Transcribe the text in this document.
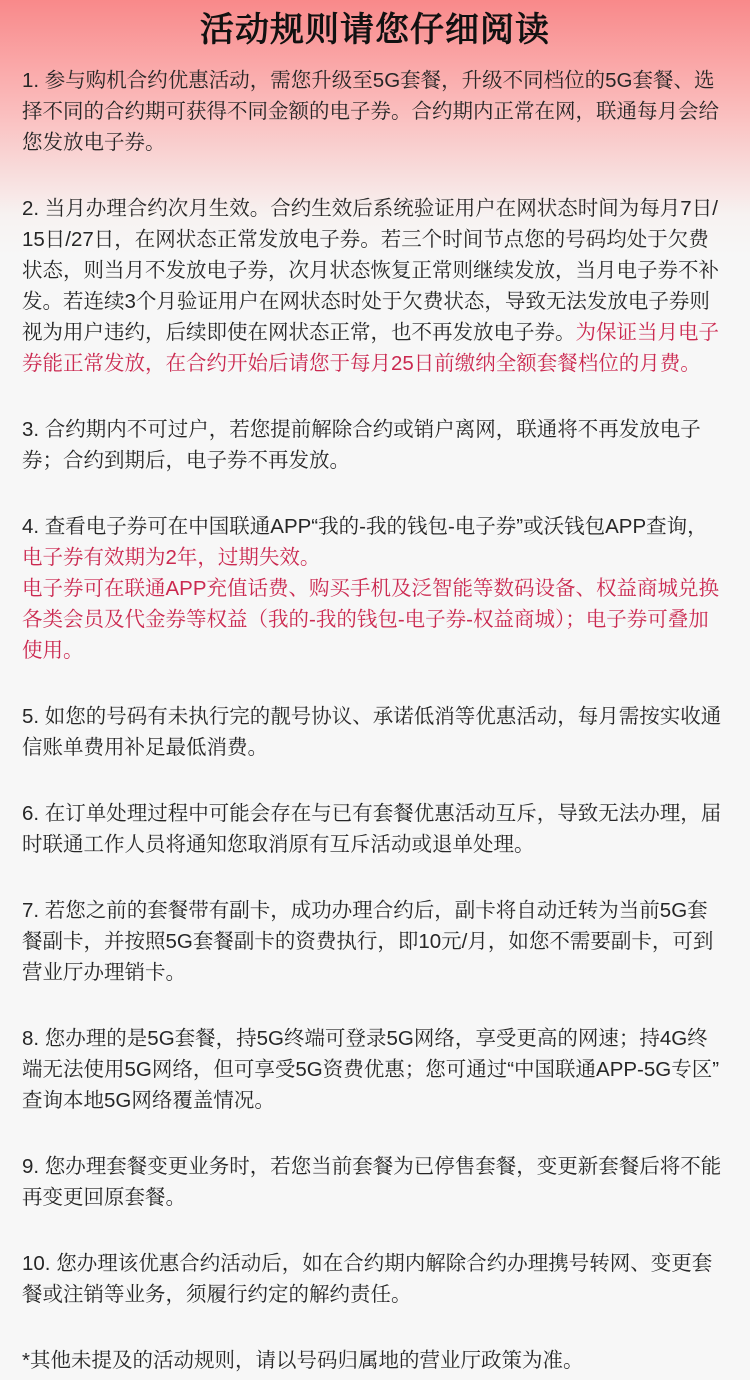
活动规则请您仔细阅读

1. 参与购机合约优惠活动，需您升级至5G套餐，升级不同档位的5G套餐、选择不同的合约期可获得不同金额的电子券。合约期内正常在网，联通每月会给您发放电子券。

2. 当月办理合约次月生效。合约生效后系统验证用户在网状态时间为每月7日/15日/27日，在网状态正常发放电子券。若三个时间节点您的号码均处于欠费状态，则当月不发放电子券，次月状态恢复正常则继续发放，当月电子券不补发。若连续3个月验证用户在网状态时处于欠费状态，导致无法发放电子券则视为用户违约，后续即使在网状态正常，也不再发放电子券。为保证当月电子券能正常发放，在合约开始后请您于每月25日前缴纳全额套餐档位的月费。

3. 合约期内不可过户，若您提前解除合约或销户离网，联通将不再发放电子券；合约到期后，电子券不再发放。

4. 查看电子券可在中国联通APP“我的-我的钱包-电子券”或沃钱包APP查询，
电子券有效期为2年，过期失效。
电子券可在联通APP充值话费、购买手机及泛智能等数码设备、权益商城兑换各类会员及代金券等权益（我的-我的钱包-电子券-权益商城）；电子券可叠加使用。

5. 如您的号码有未执行完的靓号协议、承诺低消等优惠活动，每月需按实收通信账单费用补足最低消费。

6. 在订单处理过程中可能会存在与已有套餐优惠活动互斥，导致无法办理，届时联通工作人员将通知您取消原有互斥活动或退单处理。

7. 若您之前的套餐带有副卡，成功办理合约后，副卡将自动迁转为当前5G套餐副卡，并按照5G套餐副卡的资费执行，即10元/月，如您不需要副卡，可到营业厅办理销卡。

8. 您办理的是5G套餐，持5G终端可登录5G网络，享受更高的网速；持4G终端无法使用5G网络，但可享受5G资费优惠；您可通过“中国联通APP-5G专区”查询本地5G网络覆盖情况。

9. 您办理套餐变更业务时，若您当前套餐为已停售套餐，变更新套餐后将不能再变更回原套餐。

10. 您办理该优惠合约活动后，如在合约期内解除合约办理携号转网、变更套餐或注销等业务，须履行约定的解约责任。

*其他未提及的活动规则，请以号码归属地的营业厅政策为准。
